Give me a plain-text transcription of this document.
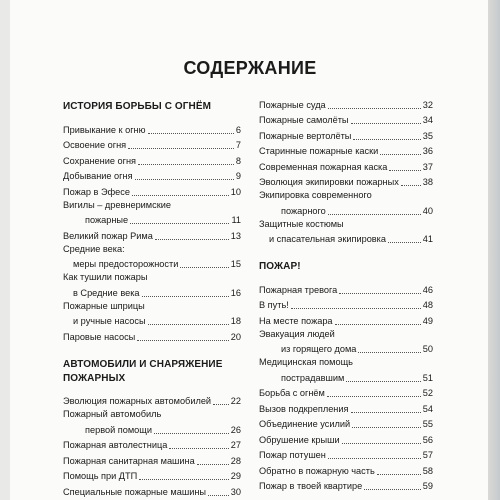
СОДЕРЖАНИЕ
ИСТОРИЯ БОРЬБЫ С ОГНЁМ
Привыкание к огню	6
Освоение огня	7
Сохранение огня	8
Добывание огня	9
Пожар в Эфесе	10
Вигилы – древнеримские
пожарные	11
Великий пожар Рима	13
Средние века:
меры предосторожности	15
Как тушили пожары
в Средние века	16
Пожарные шприцы
и ручные насосы	18
Паровые насосы	20
АВТОМОБИЛИ И СНАРЯЖЕНИЕ
ПОЖАРНЫХ
Эволюция пожарных автомобилей 22
Пожарный автомобиль
первой помощи	26
Пожарная автолестница	27
Пожарная санитарная машина	28
Помощь при ДТП	29
Специальные пожарные машины	30
Пожарные суда	32
Пожарные самолёты	34
Пожарные вертолёты	35
Старинные пожарные каски	36
Современная пожарная каска	37
Эволюция экипировки пожарных	38
Экипировка современного
пожарного	40
Защитные костюмы
и спасательная экипировка	41
ПОЖАР!
Пожарная тревога	46
В путь!	48
На месте пожара	49
Эвакуация людей
из горящего дома	50
Медицинская помощь
пострадавшим	51
Борьба с огнём	52
Вызов подкрепления	54
Объединение усилий	55
Обрушение крыши	56
Пожар потушен	57
Обратно в пожарную часть	58
Пожар в твоей квартире	59
